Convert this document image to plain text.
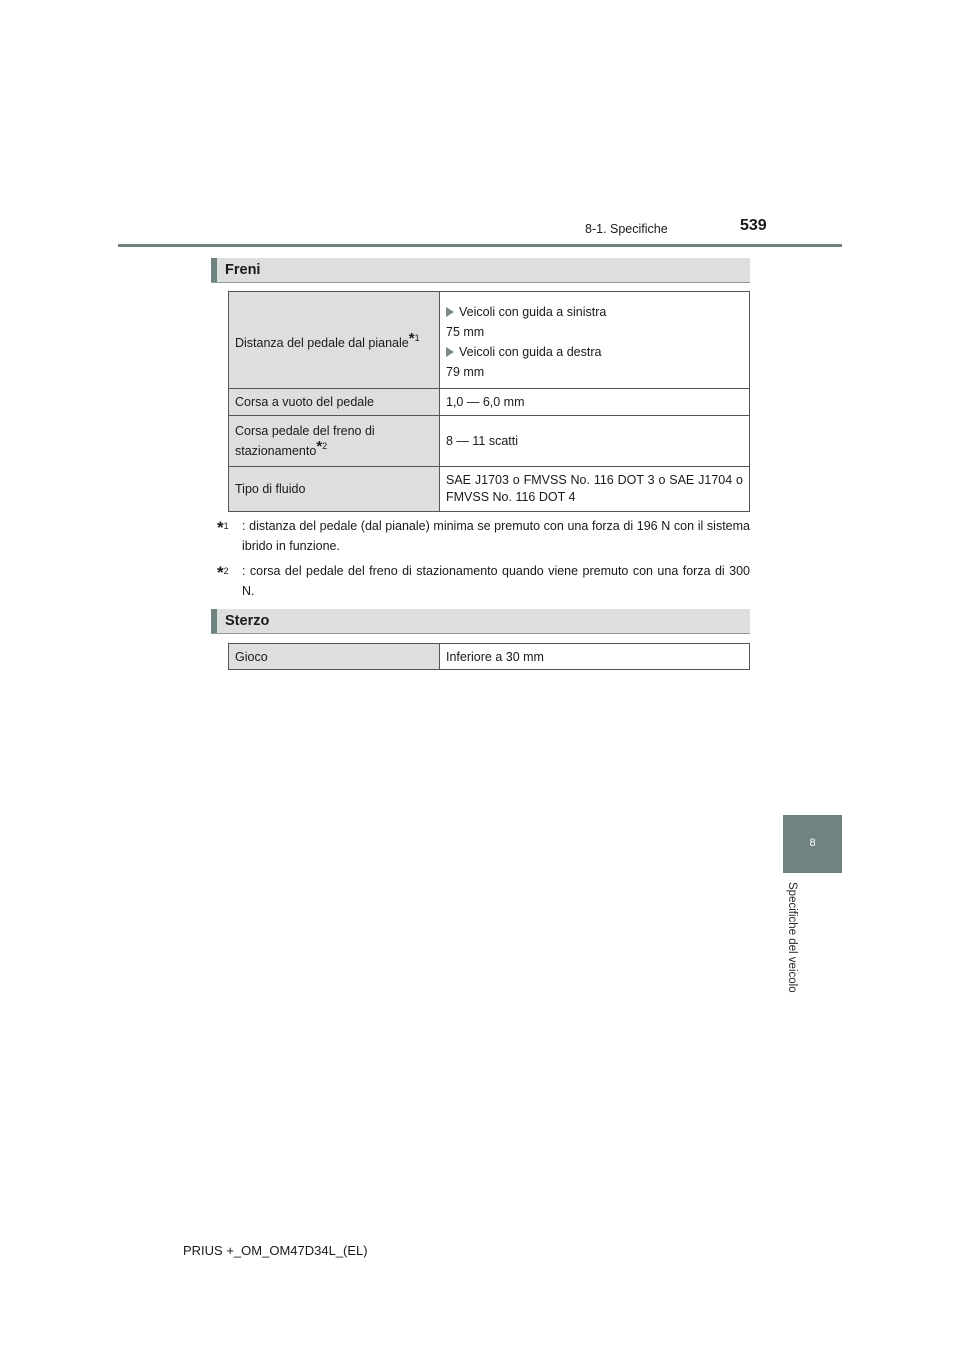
8-1. Specifiche	539
Freni
Distanza del pedale dal pianale$^{*1}$	Veicoli con guida a sinistra
75 mm
Veicoli con guida a destra
79 mm

Corsa a vuoto del pedale	1,0 — 6,0 mm
Corsa pedale del freno di stazionamento$^{*2}$	8 — 11 scatti
Tipo di fluido	SAE J1703 o FMVSS No. 116 DOT 3 o SAE J1704 o FMVSS No. 116 DOT 4
*$^1$	: distanza del pedale (dal pianale) minima se premuto con una forza di 196 N con il sistema ibrido in funzione.
*$^2$	: corsa del pedale del freno di stazionamento quando viene premuto con una forza di 300 N.
Sterzo
Gioco	Inferiore a 30 mm
8
Specifiche del veicolo
PRIUS +_OM_OM47D34L_(EL)
